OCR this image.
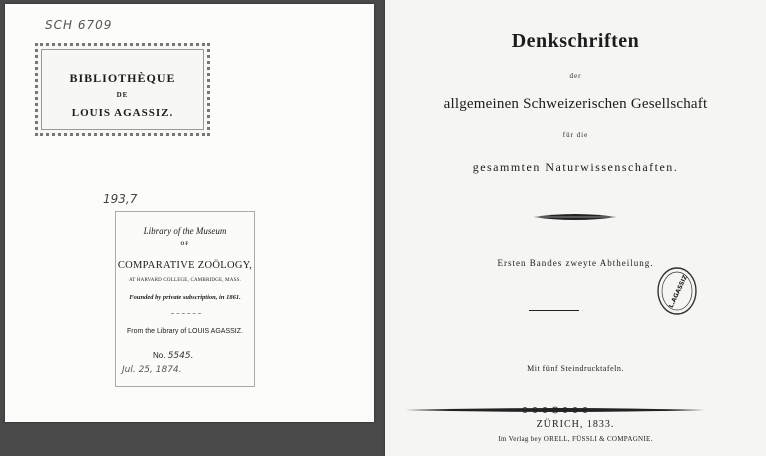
SCH 6709
BIBLIOTHÈQUE
DE
LOUIS AGASSIZ.
193,7
Library of the Museum
OF
COMPARATIVE ZOÖLOGY,
AT HARVARD COLLEGE, CAMBRIDGE, MASS.
Founded by private subscription, in 1861.
From the Library of LOUIS AGASSIZ.
No. 5545.
Jul. 25, 1874.
Denkschriften
der
allgemeinen Schweizerischen Gesellschaft
für die
gesammten Naturwissenschaften.
Ersten Bandes zweyte Abtheilung.
L.AGASSIZ
Mit fünf Steindrucktafeln.
ZÜRICH, 1833.
Im Verlag bey ORELL, FÜSSLI & COMPAGNIE.
